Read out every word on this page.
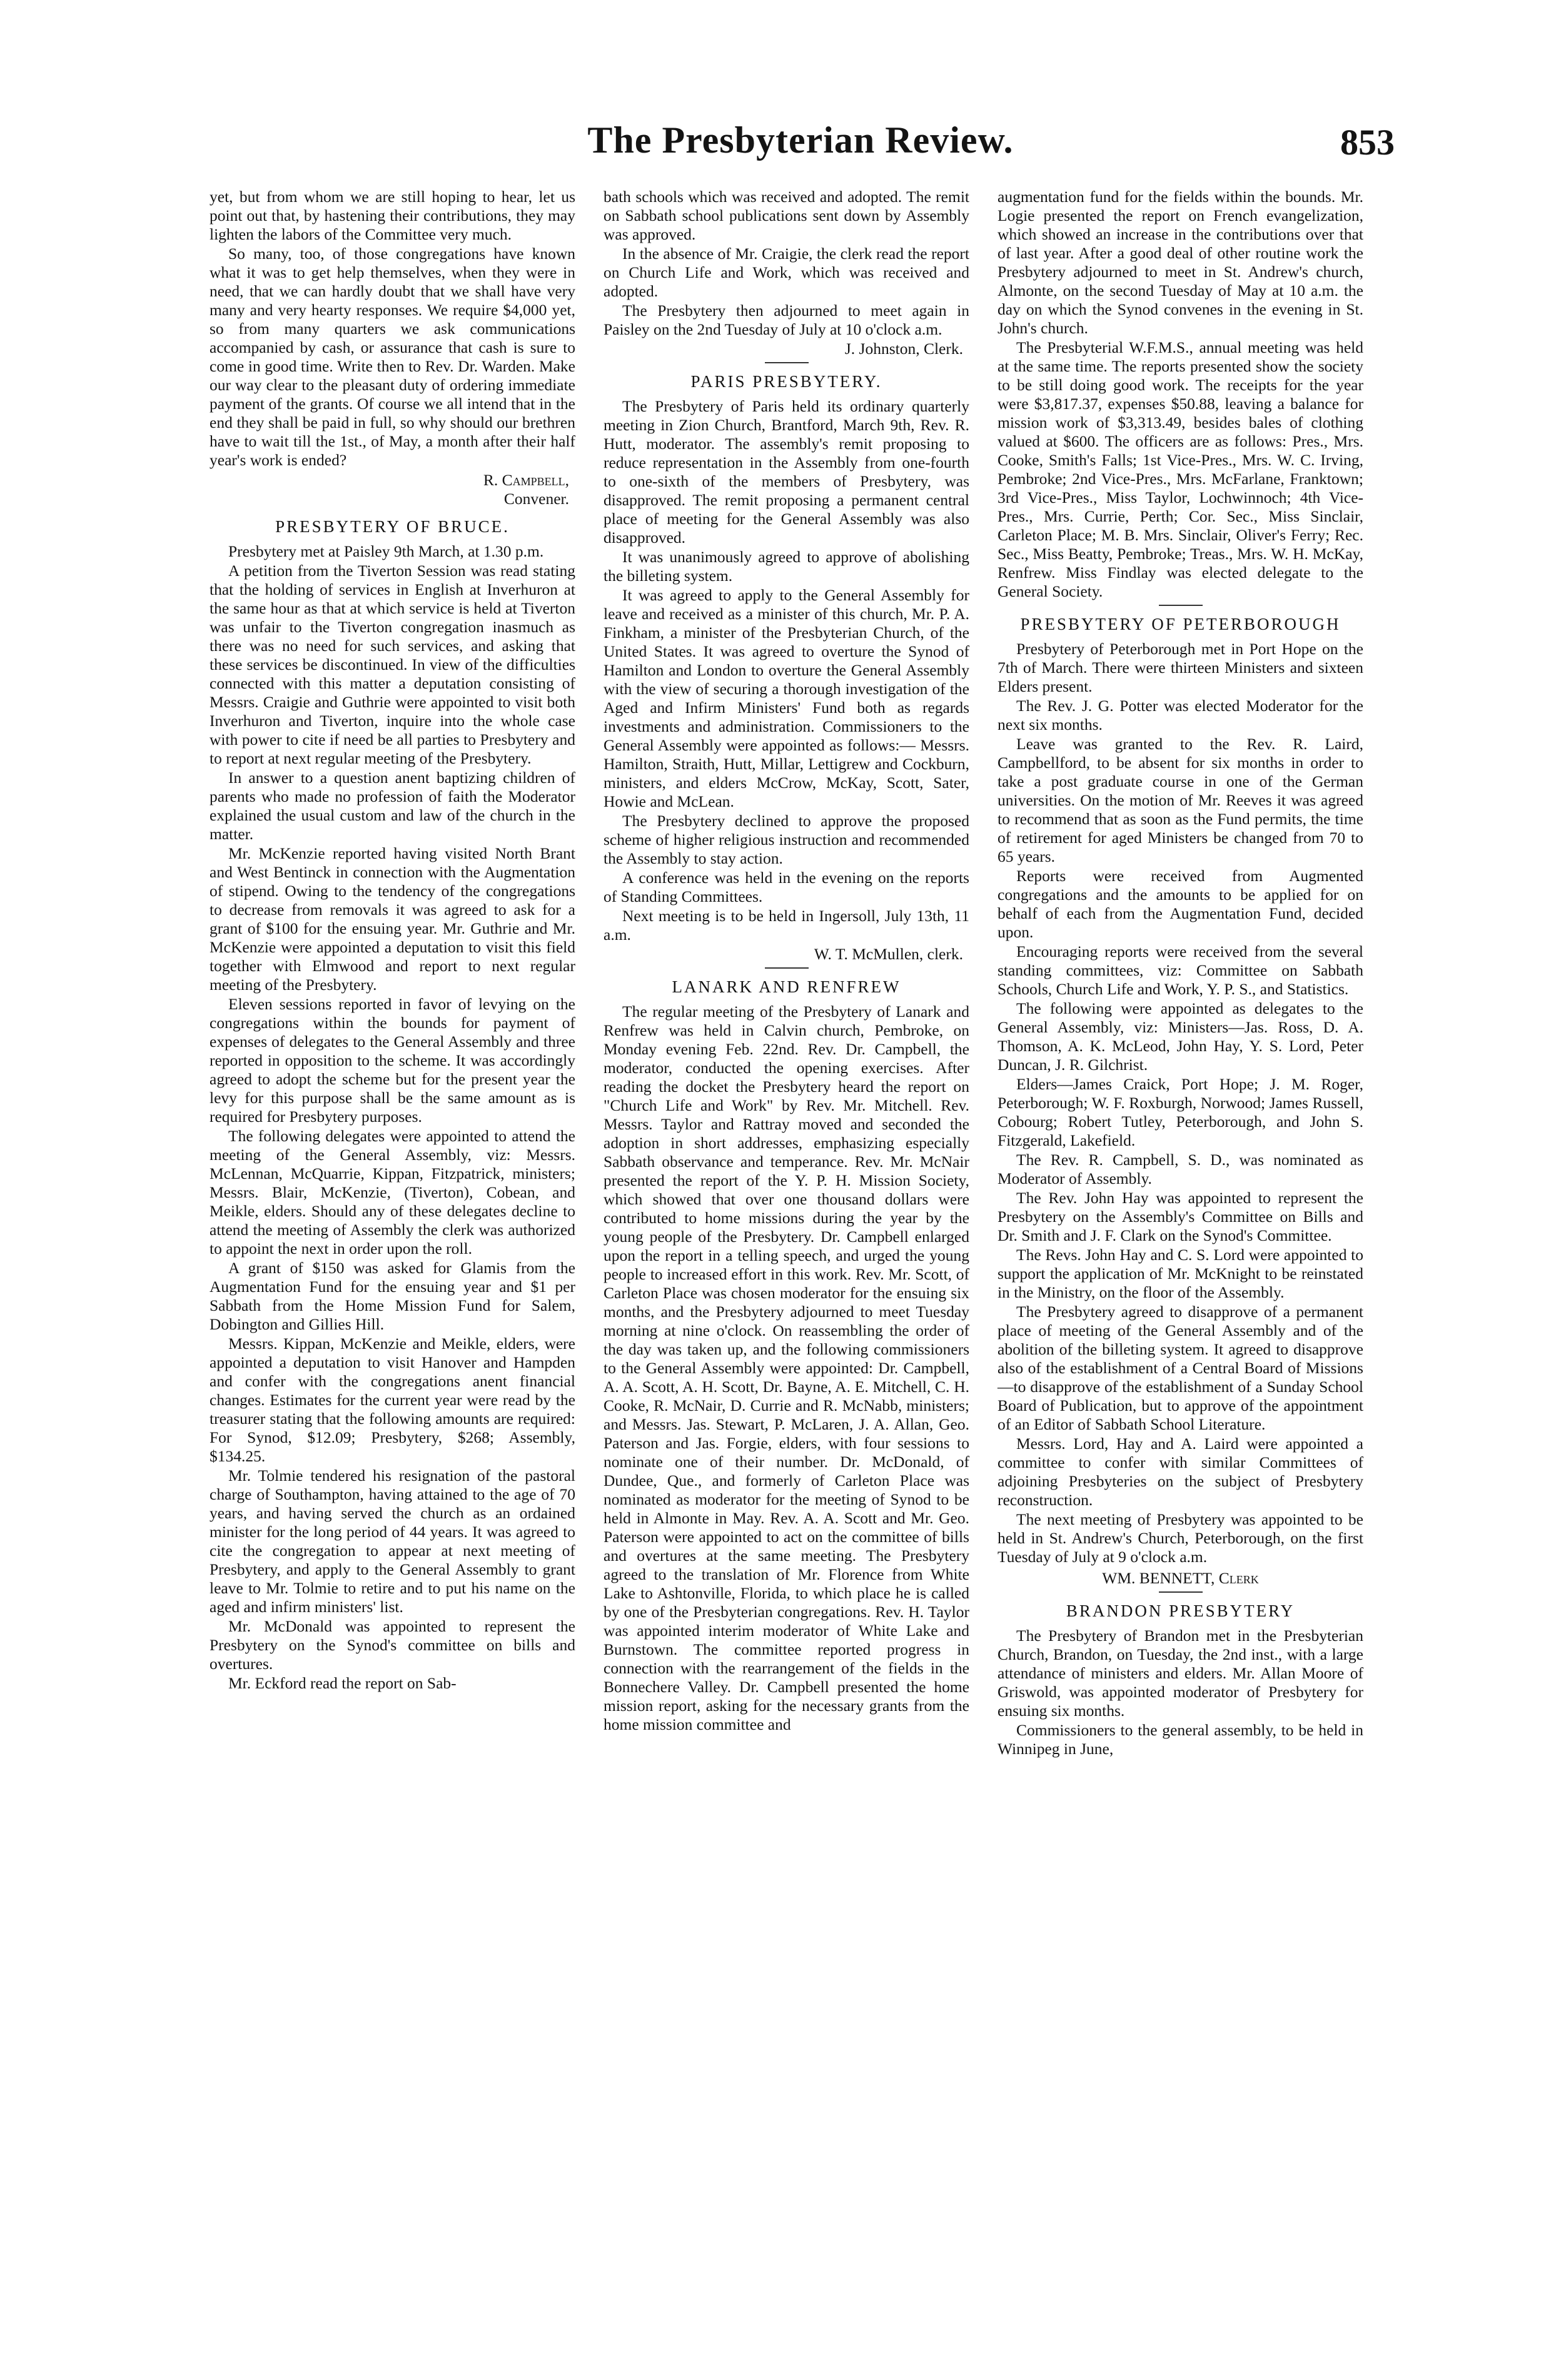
The Presbyterian Review.	853

yet, but from whom we are still hoping to hear, let us point out that, by hastening their contributions, they may lighten the labors of the Committee very much.

So many, too, of those congregations have known what it was to get help themselves, when they were in need, that we can hardly doubt that we shall have very many and very hearty responses. We require $4,000 yet, so from many quarters we ask communications accompanied by cash, or assurance that cash is sure to come in good time. Write then to Rev. Dr. Warden. Make our way clear to the pleasant duty of ordering immediate payment of the grants. Of course we all intend that in the end they shall be paid in full, so why should our brethren have to wait till the 1st., of May, a month after their half year's work is ended?

R. Campbell,
Convener.
PRESBYTERY OF BRUCE.

Presbytery met at Paisley 9th March, at 1.30 p.m.

A petition from the Tiverton Session was read stating that the holding of services in English at Inverhuron at the same hour as that at which service is held at Tiverton was unfair to the Tiverton congregation inasmuch as there was no need for such services, and asking that these services be discontinued. In view of the difficulties connected with this matter a deputation consisting of Messrs. Craigie and Guthrie were appointed to visit both Inverhuron and Tiverton, inquire into the whole case with power to cite if need be all parties to Presbytery and to report at next regular meeting of the Presbytery.

In answer to a question anent baptizing children of parents who made no profession of faith the Moderator explained the usual custom and law of the church in the matter.

Mr. McKenzie reported having visited North Brant and West Bentinck in connection with the Augmentation of stipend. Owing to the tendency of the congregations to decrease from removals it was agreed to ask for a grant of $100 for the ensuing year. Mr. Guthrie and Mr. McKenzie were appointed a deputation to visit this field together with Elmwood and report to next regular meeting of the Presbytery.

Eleven sessions reported in favor of levying on the congregations within the bounds for payment of expenses of delegates to the General Assembly and three reported in opposition to the scheme. It was accordingly agreed to adopt the scheme but for the present year the levy for this purpose shall be the same amount as is required for Presbytery purposes.

The following delegates were appointed to attend the meeting of the General Assembly, viz: Messrs. McLennan, McQuarrie, Kippan, Fitzpatrick, ministers; Messrs. Blair, McKenzie, (Tiverton), Cobean, and Meikle, elders. Should any of these delegates decline to attend the meeting of Assembly the clerk was authorized to appoint the next in order upon the roll.

A grant of $150 was asked for Glamis from the Augmentation Fund for the ensuing year and $1 per Sabbath from the Home Mission Fund for Salem, Dobington and Gillies Hill.

Messrs. Kippan, McKenzie and Meikle, elders, were appointed a deputation to visit Hanover and Hampden and confer with the congregations anent financial changes. Estimates for the current year were read by the treasurer stating that the following amounts are required: For Synod, $12.09; Presbytery, $268; Assembly, $134.25.

Mr. Tolmie tendered his resignation of the pastoral charge of Southampton, having attained to the age of 70 years, and having served the church as an ordained minister for the long period of 44 years. It was agreed to cite the congregation to appear at next meeting of Presbytery, and apply to the General Assembly to grant leave to Mr. Tolmie to retire and to put his name on the aged and infirm ministers' list.

Mr. McDonald was appointed to represent the Presbytery on the Synod's committee on bills and overtures.

Mr. Eckford read the report on Sab-

bath schools which was received and adopted. The remit on Sabbath school publications sent down by Assembly was approved.

In the absence of Mr. Craigie, the clerk read the report on Church Life and Work, which was received and adopted.

The Presbytery then adjourned to meet again in Paisley on the 2nd Tuesday of July at 10 o'clock a.m.

J. Johnston, Clerk.
PARIS PRESBYTERY.

The Presbytery of Paris held its ordinary quarterly meeting in Zion Church, Brantford, March 9th, Rev. R. Hutt, moderator. The assembly's remit proposing to reduce representation in the Assembly from one-fourth to one-sixth of the members of Presbytery, was disapproved. The remit proposing a permanent central place of meeting for the General Assembly was also disapproved.

It was unanimously agreed to approve of abolishing the billeting system.

It was agreed to apply to the General Assembly for leave and received as a minister of this church, Mr. P. A. Finkham, a minister of the Presbyterian Church, of the United States. It was agreed to overture the Synod of Hamilton and London to overture the General Assembly with the view of securing a thorough investigation of the Aged and Infirm Ministers' Fund both as regards investments and administration. Commissioners to the General Assembly were appointed as follows:— Messrs. Hamilton, Straith, Hutt, Millar, Lettigrew and Cockburn, ministers, and elders McCrow, McKay, Scott, Sater, Howie and McLean.

The Presbytery declined to approve the proposed scheme of higher religious instruction and recommended the Assembly to stay action.

A conference was held in the evening on the reports of Standing Committees.

Next meeting is to be held in Ingersoll, July 13th, 11 a.m.

W. T. McMullen, clerk.
LANARK AND RENFREW

The regular meeting of the Presbytery of Lanark and Renfrew was held in Calvin church, Pembroke, on Monday evening Feb. 22nd. Rev. Dr. Campbell, the moderator, conducted the opening exercises. After reading the docket the Presbytery heard the report on "Church Life and Work" by Rev. Mr. Mitchell. Rev. Messrs. Taylor and Rattray moved and seconded the adoption in short addresses, emphasizing especially Sabbath observance and temperance. Rev. Mr. McNair presented the report of the Y. P. H. Mission Society, which showed that over one thousand dollars were contributed to home missions during the year by the young people of the Presbytery. Dr. Campbell enlarged upon the report in a telling speech, and urged the young people to increased effort in this work. Rev. Mr. Scott, of Carleton Place was chosen moderator for the ensuing six months, and the Presbytery adjourned to meet Tuesday morning at nine o'clock. On reassembling the order of the day was taken up, and the following commissioners to the General Assembly were appointed: Dr. Campbell, A. A. Scott, A. H. Scott, Dr. Bayne, A. E. Mitchell, C. H. Cooke, R. McNair, D. Currie and R. McNabb, ministers; and Messrs. Jas. Stewart, P. McLaren, J. A. Allan, Geo. Paterson and Jas. Forgie, elders, with four sessions to nominate one of their number. Dr. McDonald, of Dundee, Que., and formerly of Carleton Place was nominated as moderator for the meeting of Synod to be held in Almonte in May. Rev. A. A. Scott and Mr. Geo. Paterson were appointed to act on the committee of bills and overtures at the same meeting. The Presbytery agreed to the translation of Mr. Florence from White Lake to Ashtonville, Florida, to which place he is called by one of the Presbyterian congregations. Rev. H. Taylor was appointed interim moderator of White Lake and Burnstown. The committee reported progress in connection with the rearrangement of the fields in the Bonnechere Valley. Dr. Campbell presented the home mission report, asking for the necessary grants from the home mission committee and

augmentation fund for the fields within the bounds. Mr. Logie presented the report on French evangelization, which showed an increase in the contributions over that of last year. After a good deal of other routine work the Presbytery adjourned to meet in St. Andrew's church, Almonte, on the second Tuesday of May at 10 a.m. the day on which the Synod convenes in the evening in St. John's church.

The Presbyterial W.F.M.S., annual meeting was held at the same time. The reports presented show the society to be still doing good work. The receipts for the year were $3,817.37, expenses $50.88, leaving a balance for mission work of $3,313.49, besides bales of clothing valued at $600. The officers are as follows: Pres., Mrs. Cooke, Smith's Falls; 1st Vice-Pres., Mrs. W. C. Irving, Pembroke; 2nd Vice-Pres., Mrs. McFarlane, Franktown; 3rd Vice-Pres., Miss Taylor, Lochwinnoch; 4th Vice-Pres., Mrs. Currie, Perth; Cor. Sec., Miss Sinclair, Carleton Place; M. B. Mrs. Sinclair, Oliver's Ferry; Rec. Sec., Miss Beatty, Pembroke; Treas., Mrs. W. H. McKay, Renfrew. Miss Findlay was elected delegate to the General Society.

PRESBYTERY OF PETERBOROUGH

Presbytery of Peterborough met in Port Hope on the 7th of March. There were thirteen Ministers and sixteen Elders present.

The Rev. J. G. Potter was elected Moderator for the next six months.

Leave was granted to the Rev. R. Laird, Campbellford, to be absent for six months in order to take a post graduate course in one of the German universities. On the motion of Mr. Reeves it was agreed to recommend that as soon as the Fund permits, the time of retirement for aged Ministers be changed from 70 to 65 years.

Reports were received from Augmented congregations and the amounts to be applied for on behalf of each from the Augmentation Fund, decided upon.

Encouraging reports were received from the several standing committees, viz: Committee on Sabbath Schools, Church Life and Work, Y. P. S., and Statistics.

The following were appointed as delegates to the General Assembly, viz: Ministers—Jas. Ross, D. A. Thomson, A. K. McLeod, John Hay, Y. S. Lord, Peter Duncan, J. R. Gilchrist.

Elders—James Craick, Port Hope; J. M. Roger, Peterborough; W. F. Roxburgh, Norwood; James Russell, Cobourg; Robert Tutley, Peterborough, and John S. Fitzgerald, Lakefield.

The Rev. R. Campbell, S. D., was nominated as Moderator of Assembly.

The Rev. John Hay was appointed to represent the Presbytery on the Assembly's Committee on Bills and Dr. Smith and J. F. Clark on the Synod's Committee.

The Revs. John Hay and C. S. Lord were appointed to support the application of Mr. McKnight to be reinstated in the Ministry, on the floor of the Assembly.

The Presbytery agreed to disapprove of a permanent place of meeting of the General Assembly and of the abolition of the billeting system. It agreed to disapprove also of the establishment of a Central Board of Missions—to disapprove of the establishment of a Sunday School Board of Publication, but to approve of the appointment of an Editor of Sabbath School Literature.

Messrs. Lord, Hay and A. Laird were appointed a committee to confer with similar Committees of adjoining Presbyteries on the subject of Presbytery reconstruction.

The next meeting of Presbytery was appointed to be held in St. Andrew's Church, Peterborough, on the first Tuesday of July at 9 o'clock a.m.

WM. BENNETT, Clerk
BRANDON PRESBYTERY

The Presbytery of Brandon met in the Presbyterian Church, Brandon, on Tuesday, the 2nd inst., with a large attendance of ministers and elders. Mr. Allan Moore of Griswold, was appointed moderator of Presbytery for ensuing six months.

Commissioners to the general assembly, to be held in Winnipeg in June,
